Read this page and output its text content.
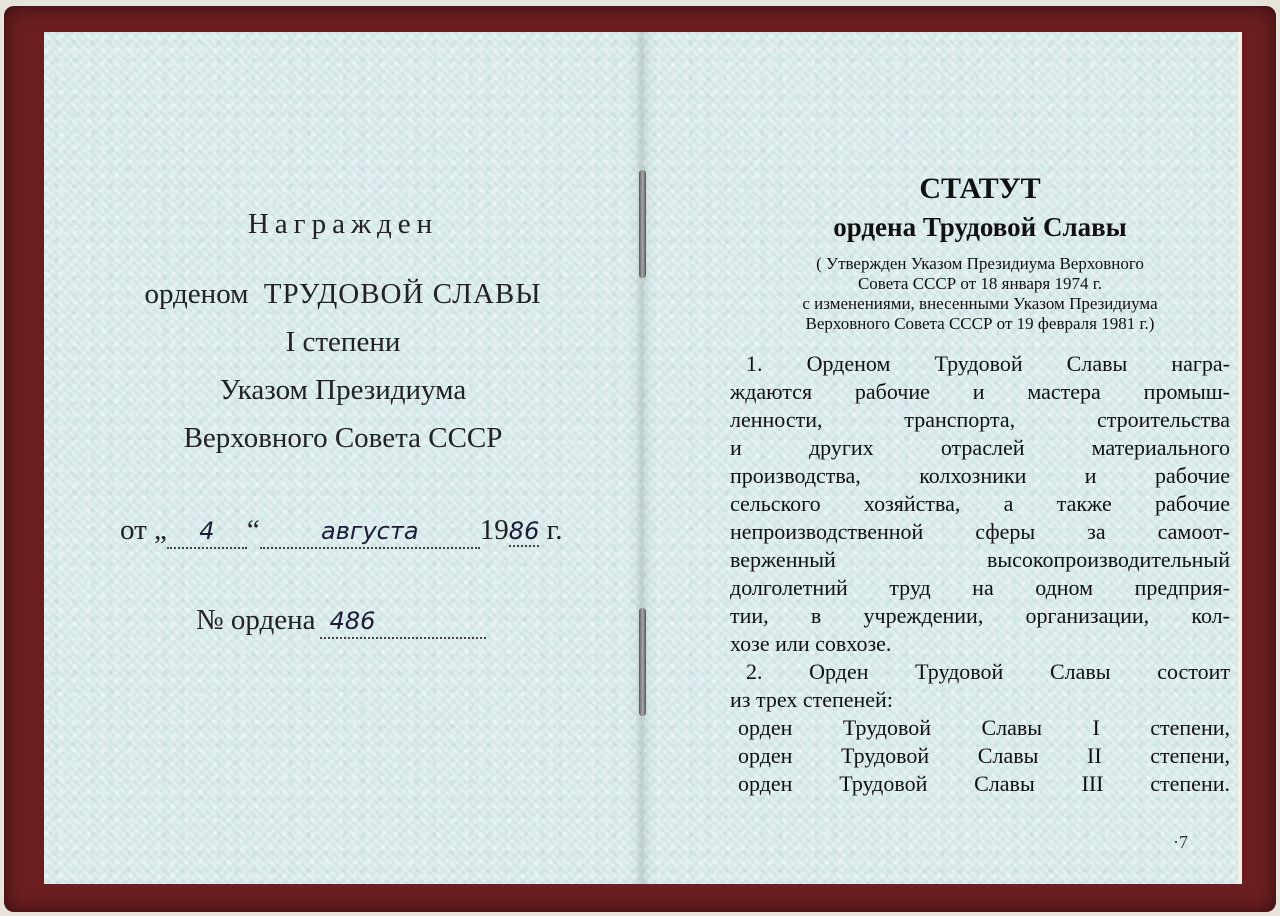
Награжден
орденом ТРУДОВОЙ СЛАВЫ
I степени
Указом Президиума
Верховного Совета СССР
от „ 4 “	августа 1986 г.
№ ордена 486
СТАТУТ
ордена Трудовой Славы
( Утвержден Указом Президиума Верховного
Совета СССР от 18 января 1974 г.
с изменениями, внесенными Указом Президиума
Верховного Совета СССР от 19 февраля 1981 г.)
1. Орденом Трудовой Славы награ-
ждаются рабочие и мастера промыш-
ленности, транспорта, строительства
и других отраслей материального
производства, колхозники и рабочие
сельского хозяйства, а также рабочие
непроизводственной сферы за самоот-
верженный высокопроизводительный
долголетний труд на одном предприя-
тии, в учреждении, организации, кол-
хозе или совхозе.
2. Орден Трудовой Славы состоит
из трех степеней:
орден Трудовой Славы I степени,
орден Трудовой Славы II степени,
орден Трудовой Славы III степени.
·7
